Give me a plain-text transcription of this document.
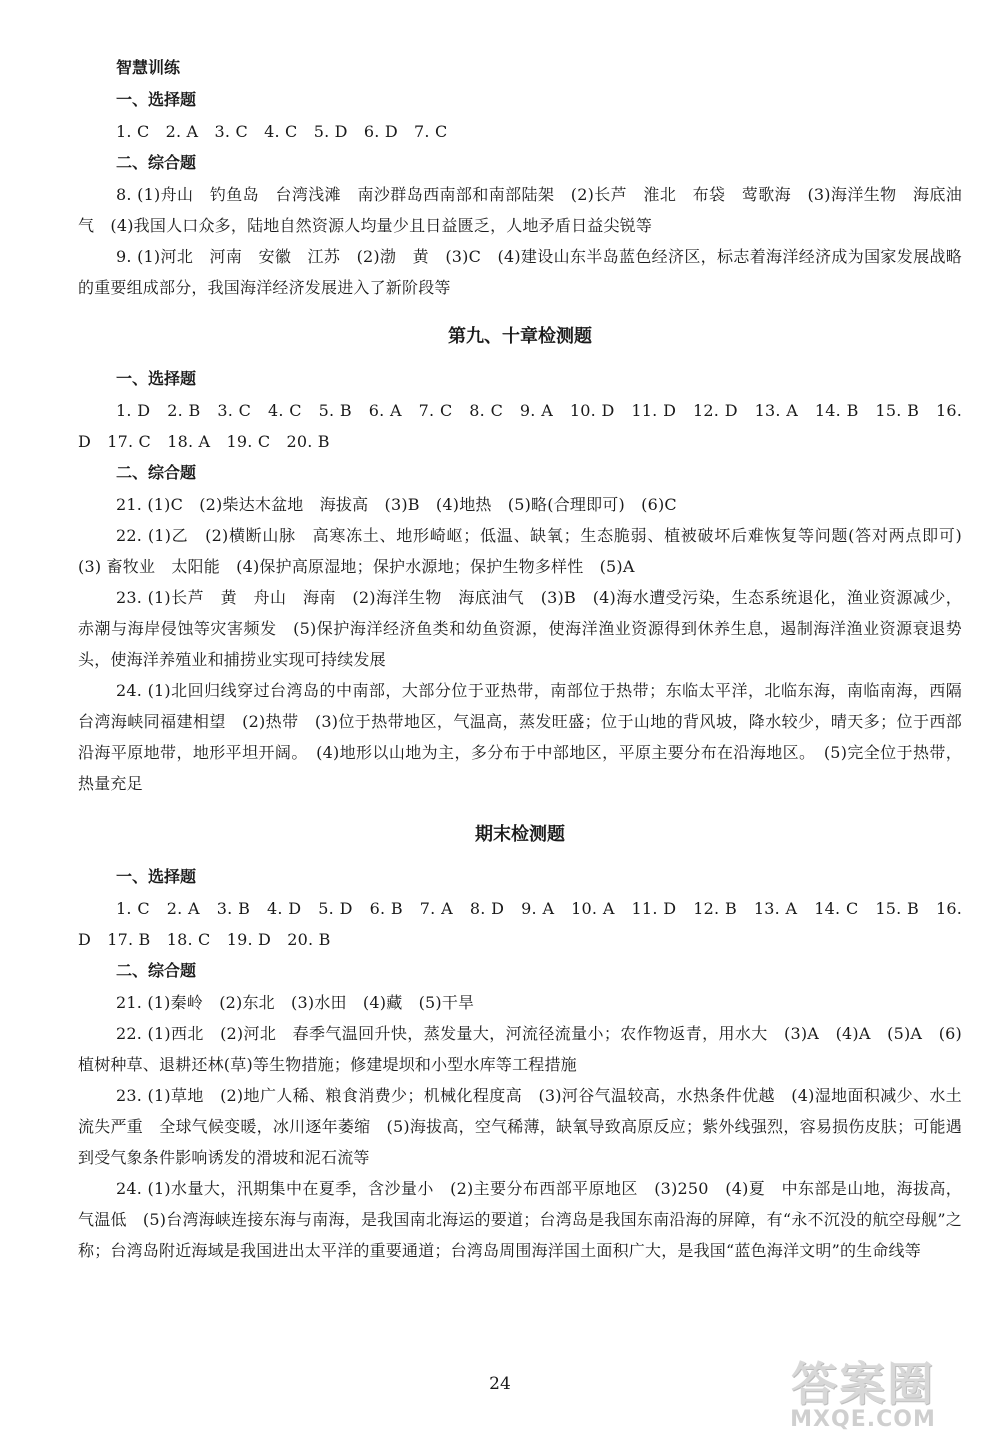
智慧训练
一、选择题

1. C　2. A　3. C　4. C　5. D　6. D　7. C

二、综合题

8. (1)舟山　钓鱼岛　台湾浅滩　南沙群岛西南部和南部陆架　(2)长芦　淮北　布袋　莺歌海　(3)海洋生物　海底油气　(4)我国人口众多，陆地自然资源人均量少且日益匮乏，人地矛盾日益尖锐等

9. (1)河北　河南　安徽　江苏　(2)渤　黄　(3)C　(4)建设山东半岛蓝色经济区，标志着海洋经济成为国家发展战略的重要组成部分，我国海洋经济发展进入了新阶段等

第九、十章检测题
一、选择题

1. D　2. B　3. C　4. C　5. B　6. A　7. C　8. C　9. A　10. D　11. D　12. D　13. A　14. B　15. B　16. D　17. C　18. A　19. C　20. B

二、综合题

21. (1)C　(2)柴达木盆地　海拔高　(3)B　(4)地热　(5)略(合理即可)　(6)C

22. (1)乙　(2)横断山脉　高寒冻土、地形崎岖；低温、缺氧；生态脆弱、植被破坏后难恢复等问题(答对两点即可)　(3) 畜牧业　太阳能　(4)保护高原湿地；保护水源地；保护生物多样性　(5)A

23. (1)长芦　黄　舟山　海南　(2)海洋生物　海底油气　(3)B　(4)海水遭受污染，生态系统退化，渔业资源减少，赤潮与海岸侵蚀等灾害频发　(5)保护海洋经济鱼类和幼鱼资源，使海洋渔业资源得到休养生息，遏制海洋渔业资源衰退势头，使海洋养殖业和捕捞业实现可持续发展

24. (1)北回归线穿过台湾岛的中南部，大部分位于亚热带，南部位于热带；东临太平洋，北临东海，南临南海，西隔台湾海峡同福建相望　(2)热带　(3)位于热带地区，气温高，蒸发旺盛；位于山地的背风坡，降水较少，晴天多；位于西部沿海平原地带，地形平坦开阔。　(4)地形以山地为主，多分布于中部地区，平原主要分布在沿海地区。　(5)完全位于热带，热量充足

期末检测题
一、选择题

1. C　2. A　3. B　4. D　5. D　6. B　7. A　8. D　9. A　10. A　11. D　12. B　13. A　14. C　15. B　16. D　17. B　18. C　19. D　20. B

二、综合题

21. (1)秦岭　(2)东北　(3)水田　(4)藏　(5)干旱

22. (1)西北　(2)河北　春季气温回升快，蒸发量大，河流径流量小；农作物返青，用水大　(3)A　(4)A　(5)A　(6)植树种草、退耕还林(草)等生物措施；修建堤坝和小型水库等工程措施

23. (1)草地　(2)地广人稀、粮食消费少；机械化程度高　(3)河谷气温较高，水热条件优越　(4)湿地面积减少、水土流失严重　全球气候变暖，冰川逐年萎缩　(5)海拔高，空气稀薄，缺氧导致高原反应；紫外线强烈，容易损伤皮肤；可能遇到受气象条件影响诱发的滑坡和泥石流等

24. (1)水量大，汛期集中在夏季，含沙量小　(2)主要分布西部平原地区　(3)250　(4)夏　中东部是山地，海拔高，气温低　(5)台湾海峡连接东海与南海，是我国南北海运的要道；台湾岛是我国东南沿海的屏障，有“永不沉没的航空母舰”之称；台湾岛附近海域是我国进出太平洋的重要通道；台湾岛周围海洋国土面积广大，是我国“蓝色海洋文明”的生命线等

24	答案圈
MXQE.COM
